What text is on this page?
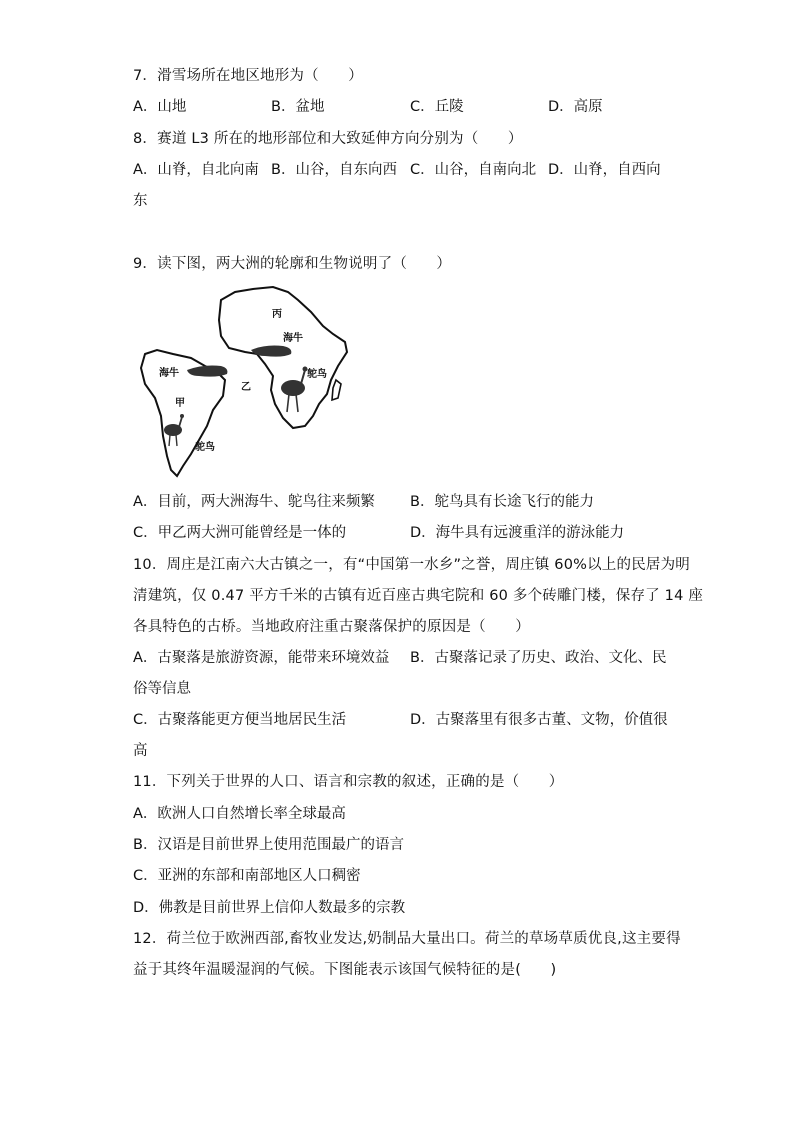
7．滑雪场所在地区地形为（　　）
A．山地	B．盆地	C．丘陵	D．高原
8．赛道 L3 所在的地形部位和大致延伸方向分别为（　　）
A．山脊，自北向南 B．山谷，自东向西 C．山谷，自南向北 D．山脊，自西向
东
9．读下图，两大洲的轮廓和生物说明了（　　）
丙
海牛
海牛	鸵鸟
鸵鸟
甲
乙
A．目前，两大洲海牛、鸵鸟往来频繁 B．鸵鸟具有长途飞行的能力
C．甲乙两大洲可能曾经是一体的	D．海牛具有远渡重洋的游泳能力
10．周庄是江南六大古镇之一，有“中国第一水乡”之誉，周庄镇 60%以上的民居为明
清建筑，仅 0.47 平方千米的古镇有近百座古典宅院和 60 多个砖雕门楼，保存了 14 座
各具特色的古桥。当地政府注重古聚落保护的原因是（　　）
A．古聚落是旅游资源，能带来环境效益 B．古聚落记录了历史、政治、文化、民
俗等信息
C．古聚落能更方便当地居民生活	D．古聚落里有很多古董、文物，价值很
高
11．下列关于世界的人口、语言和宗教的叙述，正确的是（　　）
A．欧洲人口自然增长率全球最高
B．汉语是目前世界上使用范围最广的语言
C．亚洲的东部和南部地区人口稠密
D．佛教是目前世界上信仰人数最多的宗教
12．荷兰位于欧洲西部,畜牧业发达,奶制品大量出口。荷兰的草场草质优良,这主要得
益于其终年温暖湿润的气候。下图能表示该国气候特征的是(　　)
